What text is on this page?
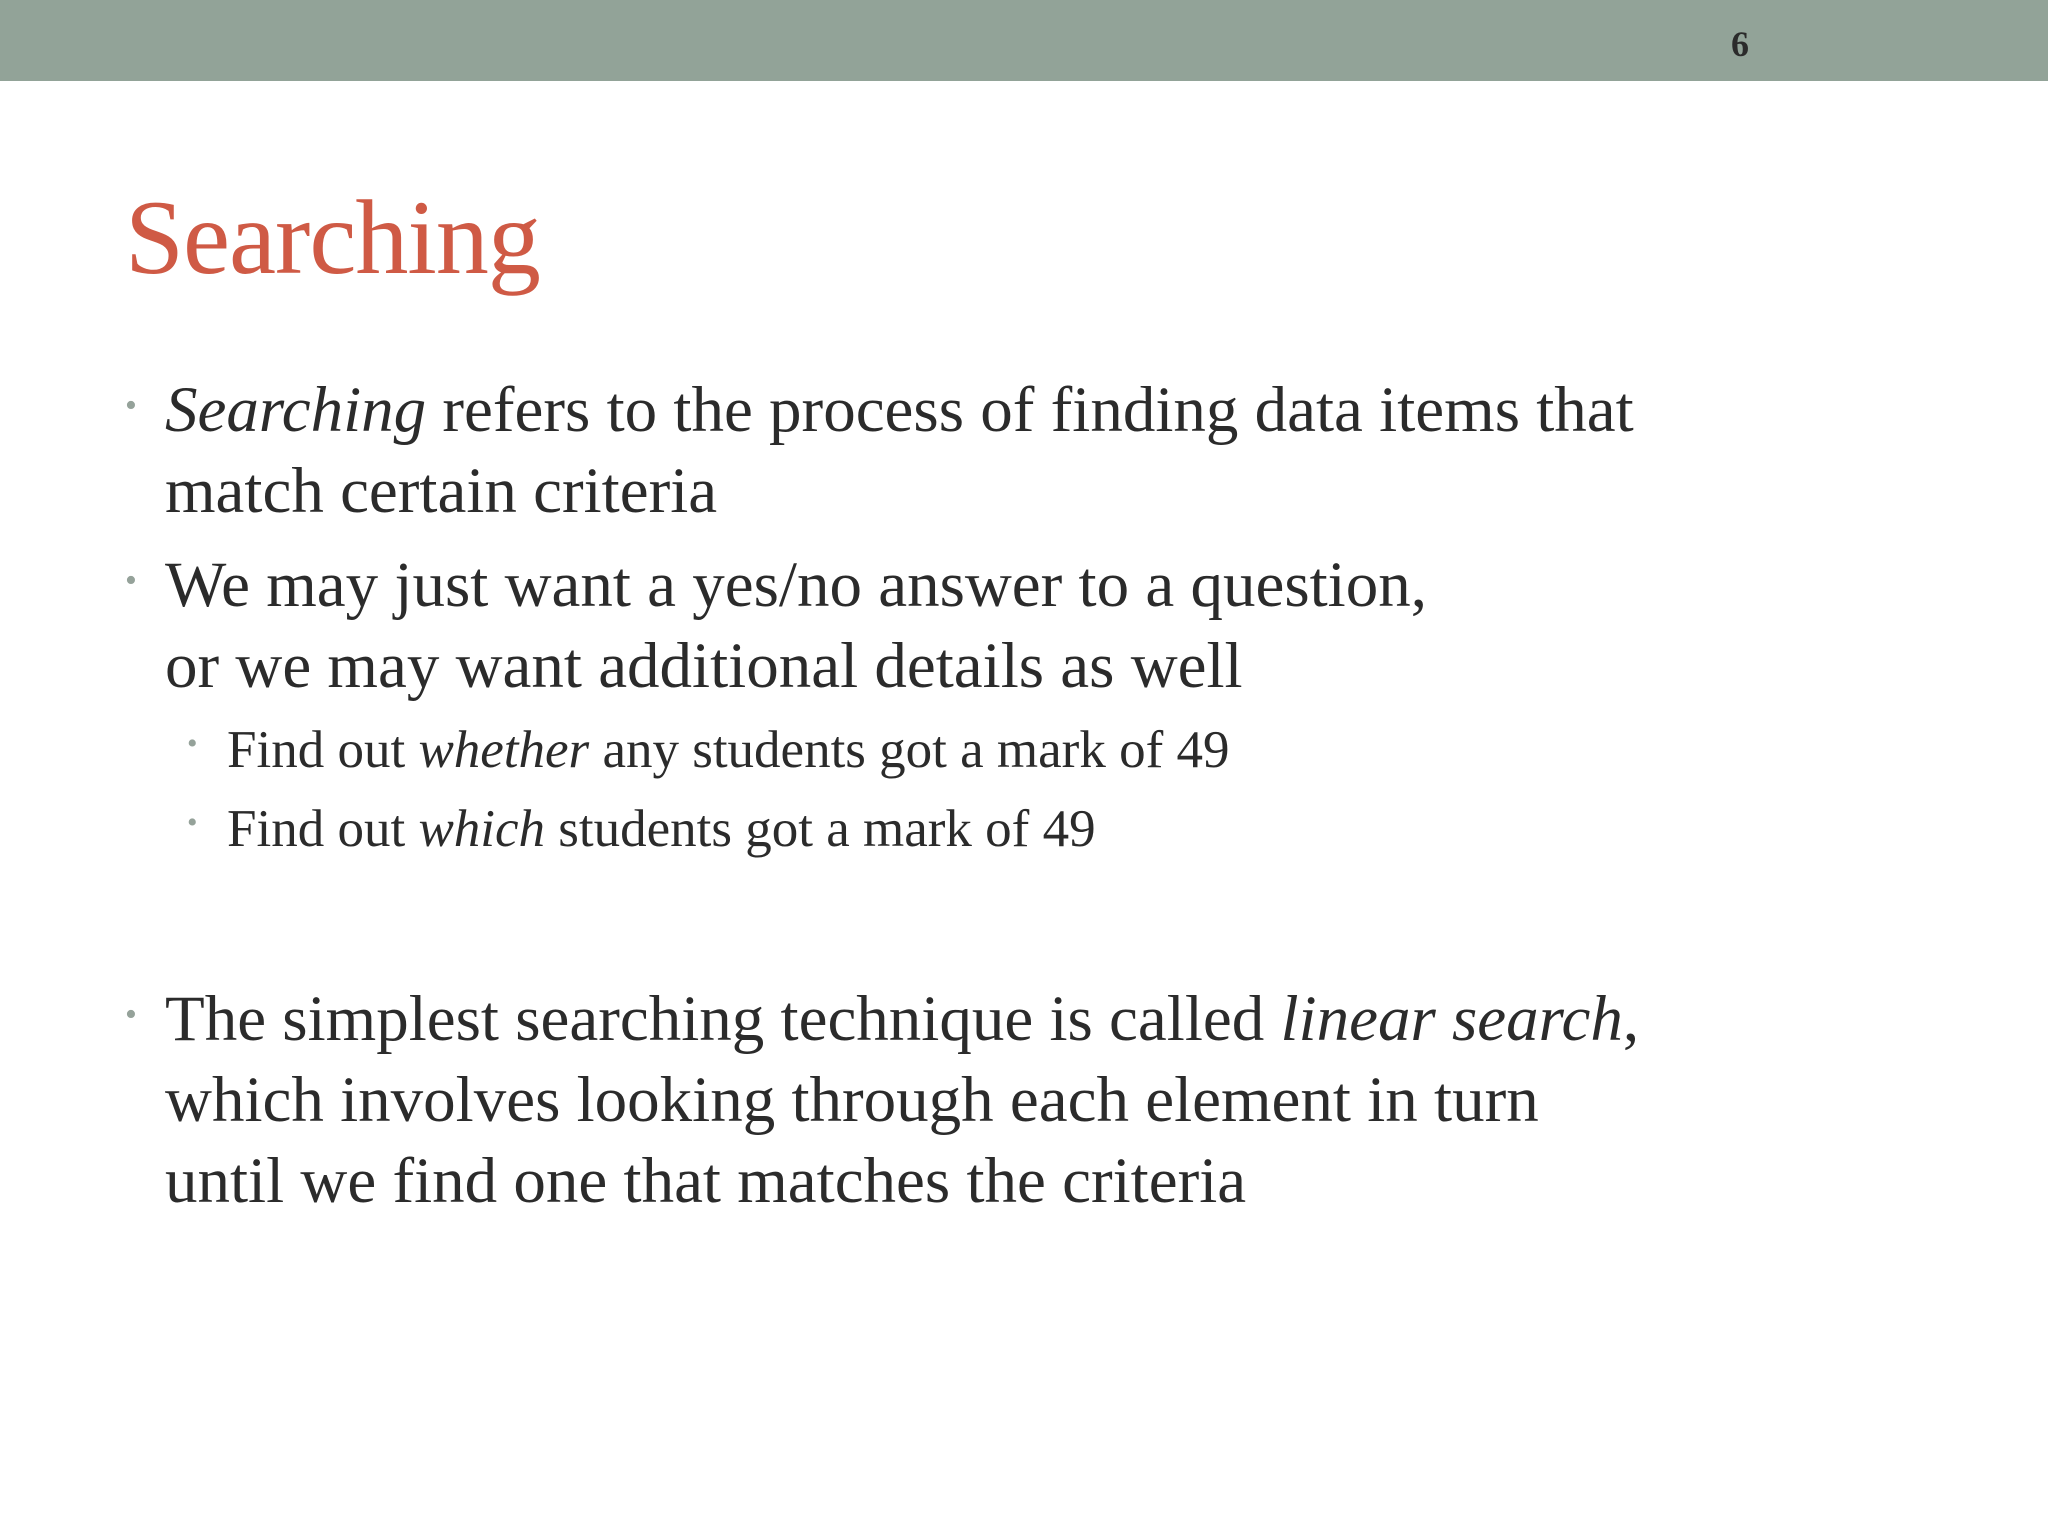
6
Searching
• Searching refers to the process of finding data items that
match certain criteria
• We may just want a yes/no answer to a question,
or we may want additional details as well
• Find out whether any students got a mark of 49
• Find out which students got a mark of 49
• The simplest searching technique is called linear search,
which involves looking through each element in turn
until we find one that matches the criteria
